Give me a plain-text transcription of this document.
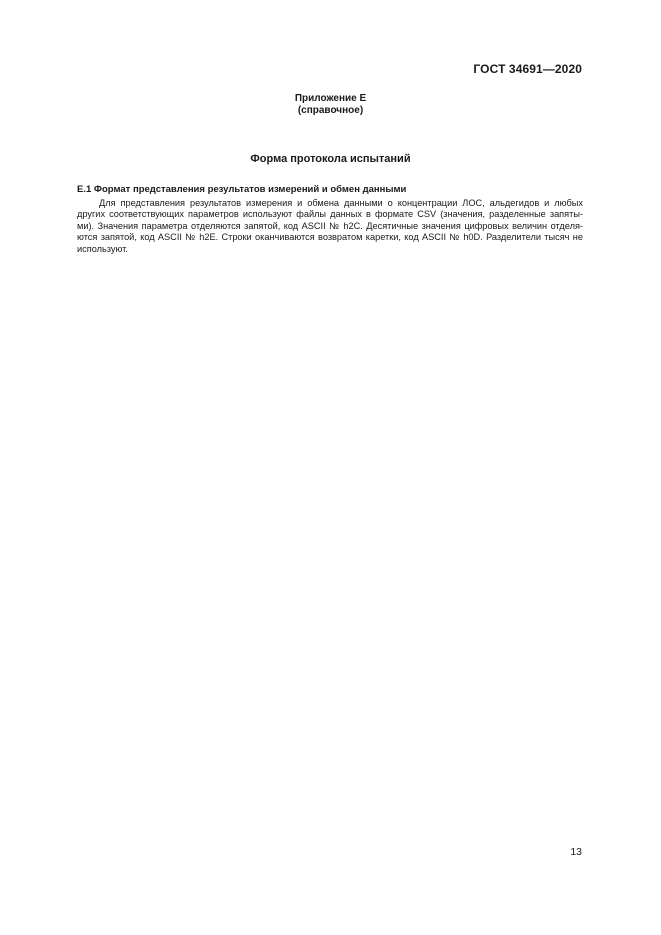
ГОСТ 34691—2020
Приложение Е
(справочное)
Форма протокола испытаний
Е.1 Формат представления результатов измерений и обмен данными
Для представления результатов измерения и обмена данными о концентрации ЛОС, альдегидов и любых
других соответствующих параметров используют файлы данных в формате CSV (значения, разделенные запяты-
ми). Значения параметра отделяются запятой, код ASCII № h2C. Десятичные значения цифровых величин отделя-
ются запятой, код ASCII № h2E. Строки оканчиваются возвратом каретки, код ASCII № h0D. Разделители тысяч не
используют.
13
